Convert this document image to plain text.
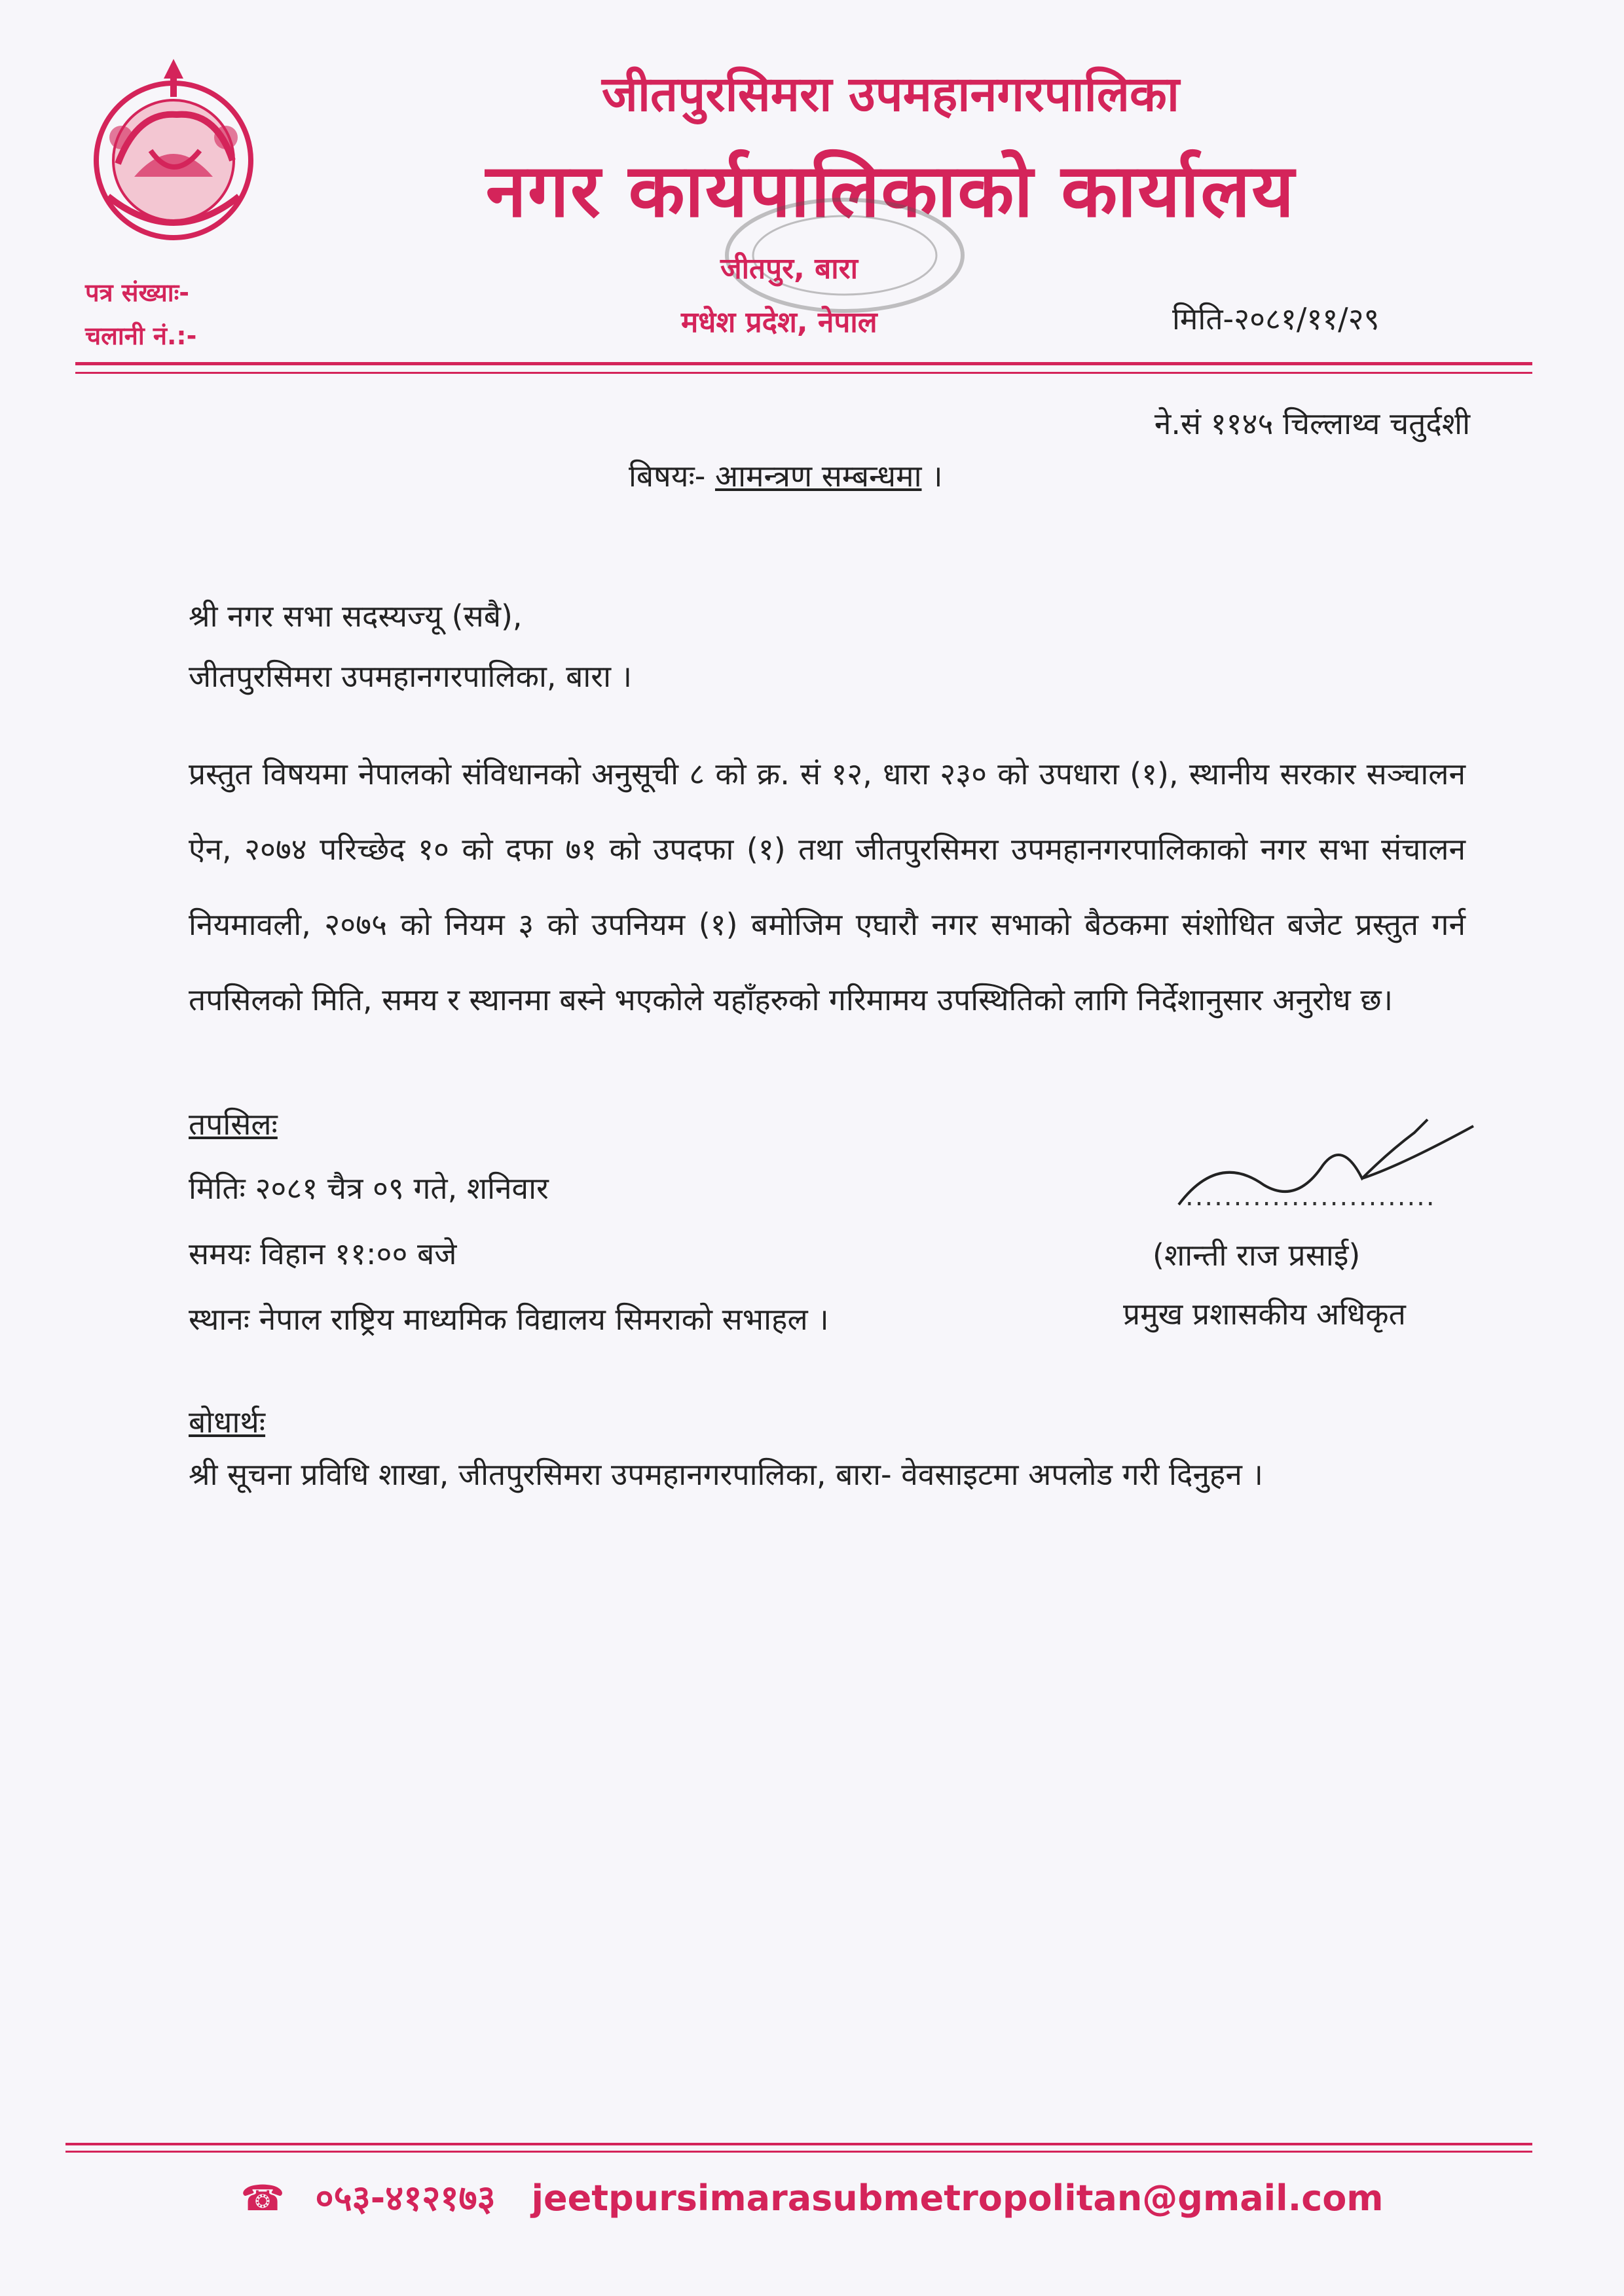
जीतपुरसिमरा उपमहानगरपालिका
नगर कार्यपालिकाको कार्यालय
जीतपुर, बारा
मधेश प्रदेश, नेपाल
पत्र संख्याः-
चलानी नं.:-	मिति-२०८१/११/२९
ने.सं ११४५ चिल्लाथ्व चतुर्दशी
बिषयः- आमन्त्रण सम्बन्धमा ।
श्री नगर सभा सदस्यज्यू (सबै),
जीतपुरसिमरा उपमहानगरपालिका, बारा ।
प्रस्तुत विषयमा नेपालको संविधानको अनुसूची ८ को क्र. सं १२, धारा २३० को उपधारा (१), स्थानीय सरकार सञ्चालन ऐन, २०७४ परिच्छेद १० को दफा ७१ को उपदफा (१) तथा जीतपुरसिमरा उपमहानगरपालिकाको नगर सभा संचालन नियमावली, २०७५ को नियम ३ को उपनियम (१) बमोजिम एघारौ नगर सभाको बैठकमा संशोधित बजेट प्रस्तुत गर्न तपसिलको मिति, समय र स्थानमा बस्ने भएकोले यहाँहरुको गरिमामय उपस्थितिको लागि निर्देशानुसार अनुरोध छ।
तपसिलः
मितिः २०८१ चैत्र ०९ गते, शनिवार
समयः विहान ११:०० बजे
स्थानः नेपाल राष्ट्रिय माध्यमिक विद्यालय सिमराको सभाहल ।
..........................
(शान्ती राज प्रसाई)
प्रमुख प्रशासकीय अधिकृत
बोधार्थः
श्री सूचना प्रविधि शाखा, जीतपुरसिमरा उपमहानगरपालिका, बारा- वेवसाइटमा अपलोड गरी दिनुहन ।
☎ ०५३-४१२१७३ jeetpursimarasubmetropolitan@gmail.com
